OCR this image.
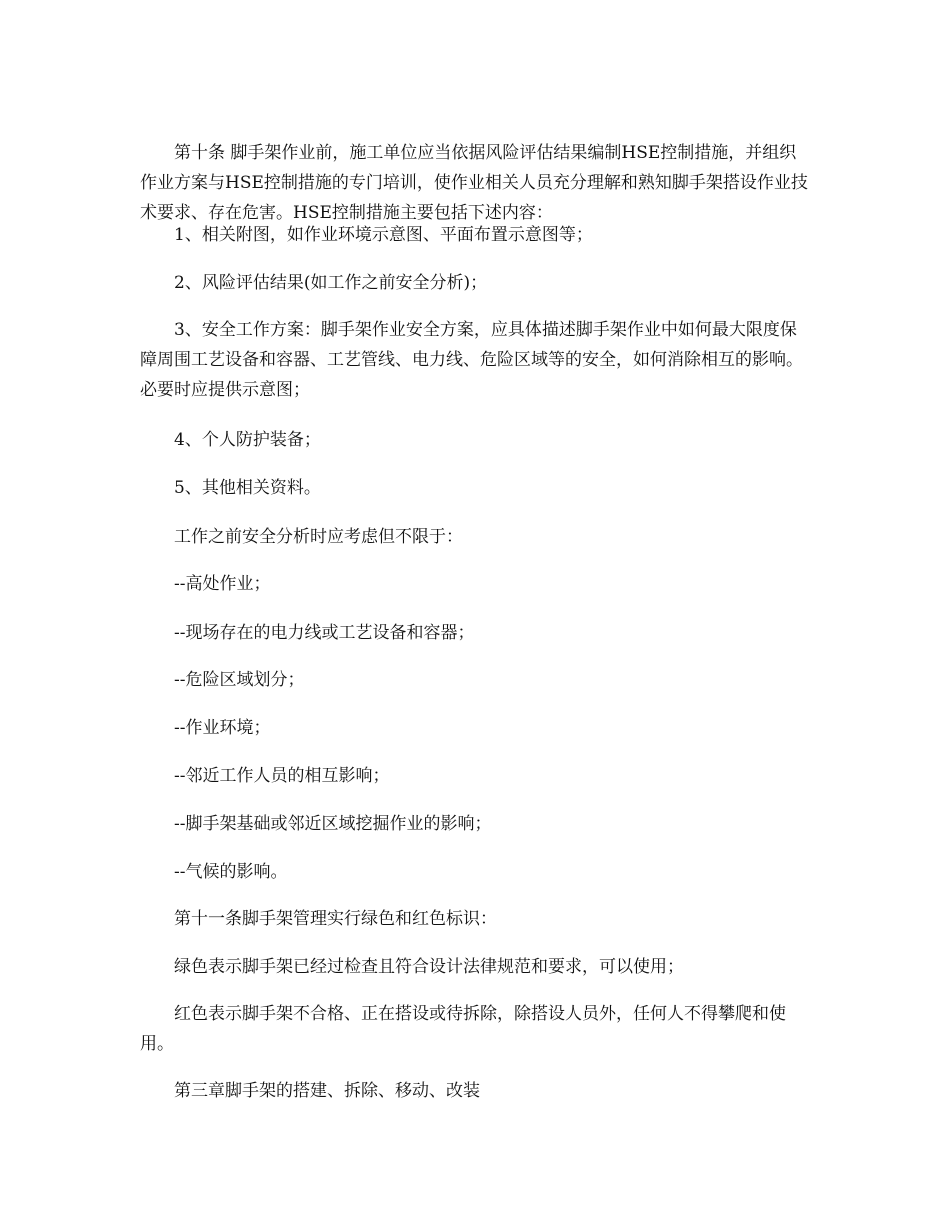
第十条 脚手架作业前，施工单位应当依据风险评估结果编制HSE控制措施，并组织作业方案与HSE控制措施的专门培训，使作业相关人员充分理解和熟知脚手架搭设作业技术要求、存在危害。HSE控制措施主要包括下述内容：

1、相关附图，如作业环境示意图、平面布置示意图等；

2、风险评估结果(如工作之前安全分析)；

3、安全工作方案：脚手架作业安全方案，应具体描述脚手架作业中如何最大限度保障周围工艺设备和容器、工艺管线、电力线、危险区域等的安全，如何消除相互的影响。必要时应提供示意图；

4、个人防护装备；

5、其他相关资料。

工作之前安全分析时应考虑但不限于：

--高处作业；

--现场存在的电力线或工艺设备和容器；

--危险区域划分；

--作业环境；

--邻近工作人员的相互影响；

--脚手架基础或邻近区域挖掘作业的影响；

--气候的影响。

第十一条脚手架管理实行绿色和红色标识：

绿色表示脚手架已经过检查且符合设计法律规范和要求，可以使用；

红色表示脚手架不合格、正在搭设或待拆除，除搭设人员外，任何人不得攀爬和使用。

第三章脚手架的搭建、拆除、移动、改装
